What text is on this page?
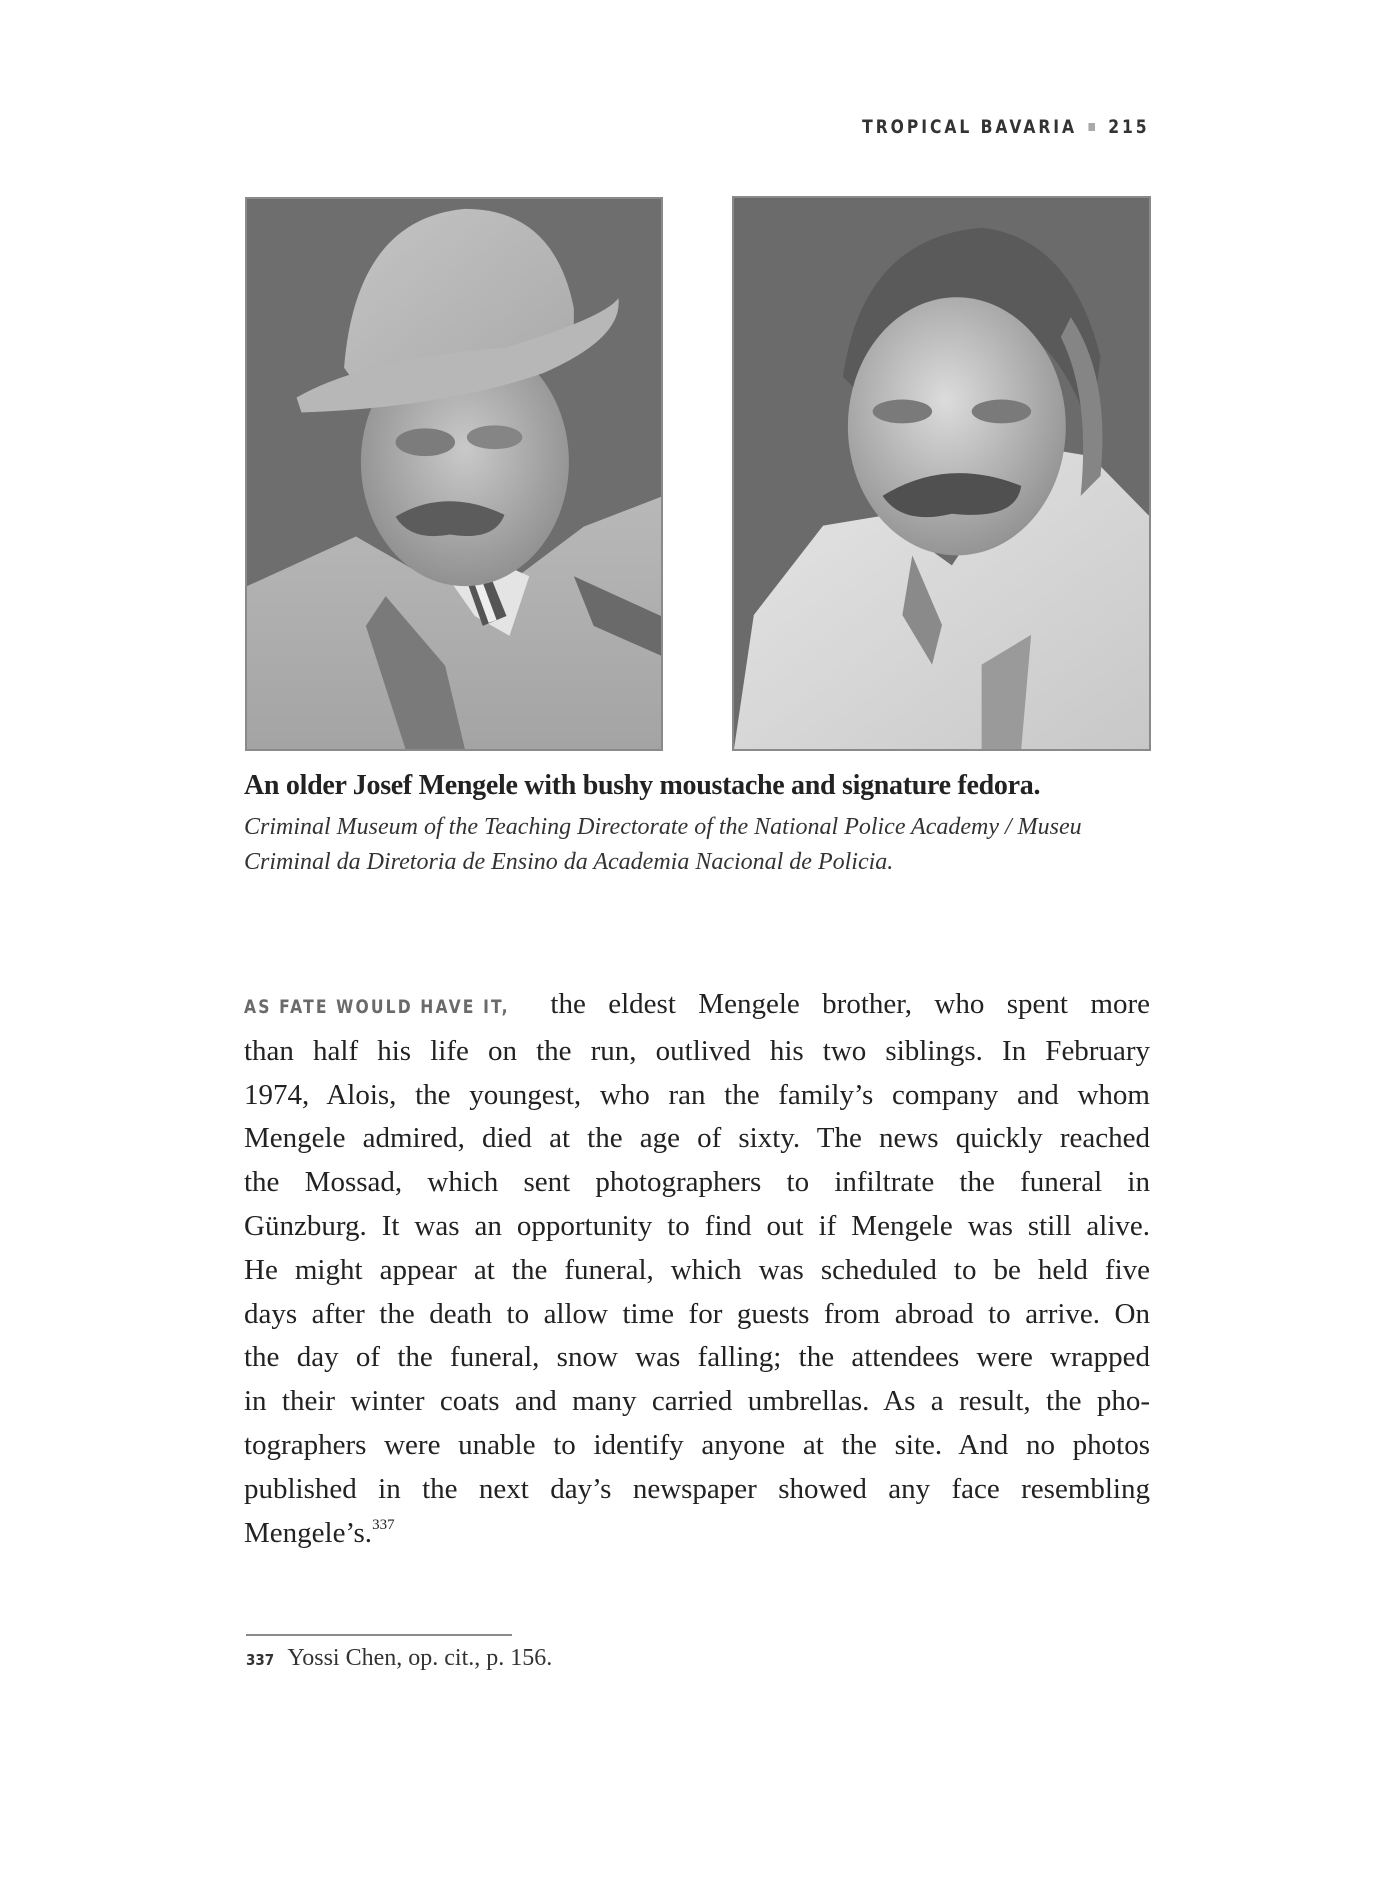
TROPICAL BAVARIA 215
An older Josef Mengele with bushy moustache and signature fedora.
Criminal Museum of the Teaching Directorate of the National Police Academy / Museu
Criminal da Diretoria de Ensino da Academia Nacional de Policia.
AS FATE WOULD HAVE IT, the eldest Mengele brother, who spent more
than half his life on the run, outlived his two siblings. In February
1974, Alois, the youngest, who ran the family’s company and whom
Mengele admired, died at the age of sixty. The news quickly reached
the Mossad, which sent photographers to infiltrate the funeral in
Günzburg. It was an opportunity to find out if Mengele was still alive.
He might appear at the funeral, which was scheduled to be held five
days after the death to allow time for guests from abroad to arrive. On
the day of the funeral, snow was falling; the attendees were wrapped
in their winter coats and many carried umbrellas. As a result, the pho-
tographers were unable to identify anyone at the site. And no photos
published in the next day’s newspaper showed any face resembling
Mengele’s.$^{337}$
337 Yossi Chen, op. cit., p. 156.
